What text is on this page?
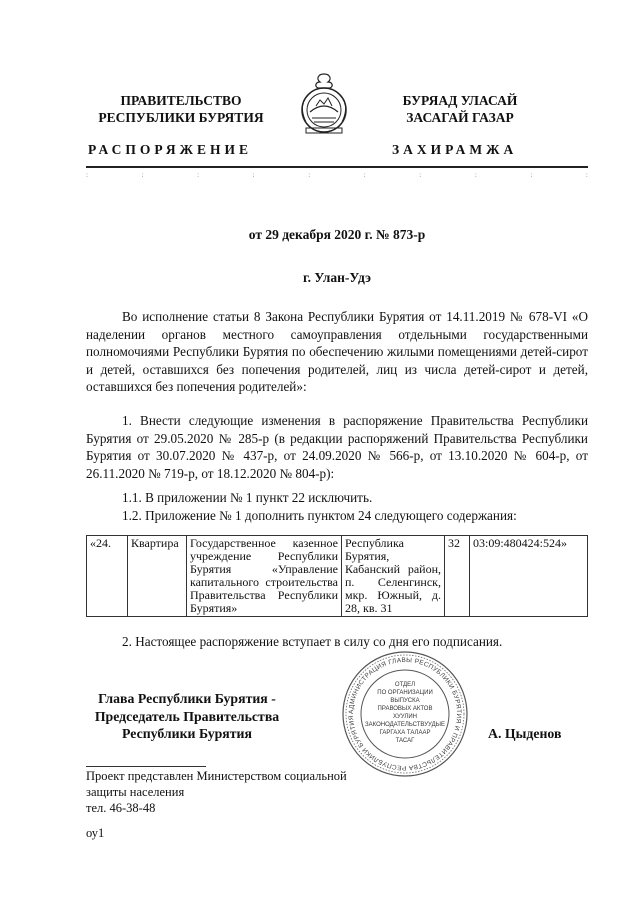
ПРАВИТЕЛЬСТВО
РЕСПУБЛИКИ БУРЯТИЯ
БУРЯАД УЛАСАЙ
ЗАСАГАЙ ГАЗАР
РАСПОРЯЖЕНИЕ	ЗАХИРАМЖА
:	:	:	:	:	:	:	:	:	:
от 29 декабря 2020 г. № 873-р
г. Улан-Удэ
Во исполнение статьи 8 Закона Республики Бурятия от 14.11.2019 № 678-VI «О наделении органов местного самоуправления отдельными государственными полномочиями Республики Бурятия по обеспечению жилыми помещениями детей-сирот и детей, оставшихся без попечения родителей, лиц из числа детей-сирот и детей, оставшихся без попечения родителей»:
1. Внести следующие изменения в распоряжение Правительства Республики Бурятия от 29.05.2020 № 285-р (в редакции распоряжений Правительства Республики Бурятия от 30.07.2020 № 437-р, от 24.09.2020 № 566-р, от 13.10.2020 № 604-р, от 26.11.2020 № 719-р, от 18.12.2020 № 804-р):
1.1. В приложении № 1 пункт 22 исключить.
1.2. Приложение № 1 дополнить пунктом 24 следующего содержания:
«24.	Квартира	Государственное казенное учреждение Республики Бурятия «Управление капитального строительства Правительства Республики Бурятия»	Республика Бурятия, Кабанский район, п. Селенгинск, мкр. Южный, д. 28, кв. 31	32	03:09:480424:524»
2. Настоящее распоряжение вступает в силу со дня его подписания.
Глава Республики Бурятия -
Председатель Правительства
Республики Бурятия	А. Цыденов
АДМИНИСТРАЦИЯ ГЛАВЫ РЕСПУБЛИКИ БУРЯТИЯ И ПРАВИТЕЛЬСТВА РЕСПУБЛИКИ БУРЯТИЯ
ОТДЕЛ
ПО ОРГАНИЗАЦИИ
ВЫПУСКА
ПРАВОВЫХ АКТОВ
ХУУЛИН
ЗАКОНОДАТЕЛЬСТВУУДЫЕ
ГАРГАХА ТАЛААР
ТАСАГ
Проект представлен Министерством социальной
защиты населения
тел. 46-38-48
оу1
